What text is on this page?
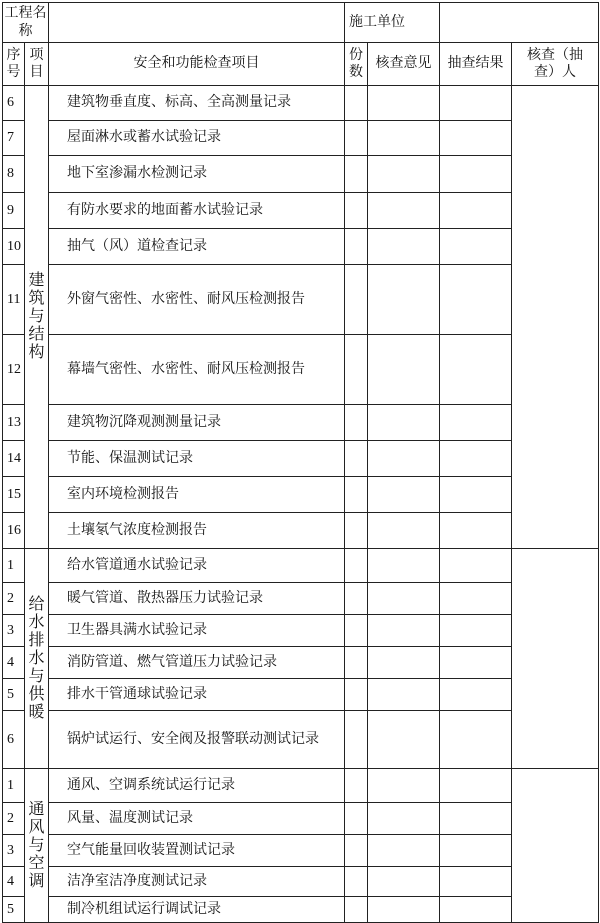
工程名称			施工单位			
序号	项目	安全和功能检查项目	份数	核查意见	抽查结果	核查（抽查）人
6	建筑与结构	建筑物垂直度、标高、全高测量记录				
7		屋面淋水或蓄水试验记录				
8		地下室渗漏水检测记录				
9		有防水要求的地面蓄水试验记录				
10		抽气（风）道检查记录				
11		外窗气密性、水密性、耐风压检测报告				
12		幕墙气密性、水密性、耐风压检测报告				
13		建筑物沉降观测测量记录				
14		节能、保温测试记录				
15		室内环境检测报告				
16		土壤氡气浓度检测报告				
1	给水排水与供暖	给水管道通水试验记录				
2		暖气管道、散热器压力试验记录				
3		卫生器具满水试验记录				
4		消防管道、燃气管道压力试验记录				
5		排水干管通球试验记录				
6		锅炉试运行、安全阀及报警联动测试记录				
1	通风与空调	通风、空调系统试运行记录				
2		风量、温度测试记录				
3		空气能量回收装置测试记录				
4		洁净室洁净度测试记录				
5		制冷机组试运行调试记录				
